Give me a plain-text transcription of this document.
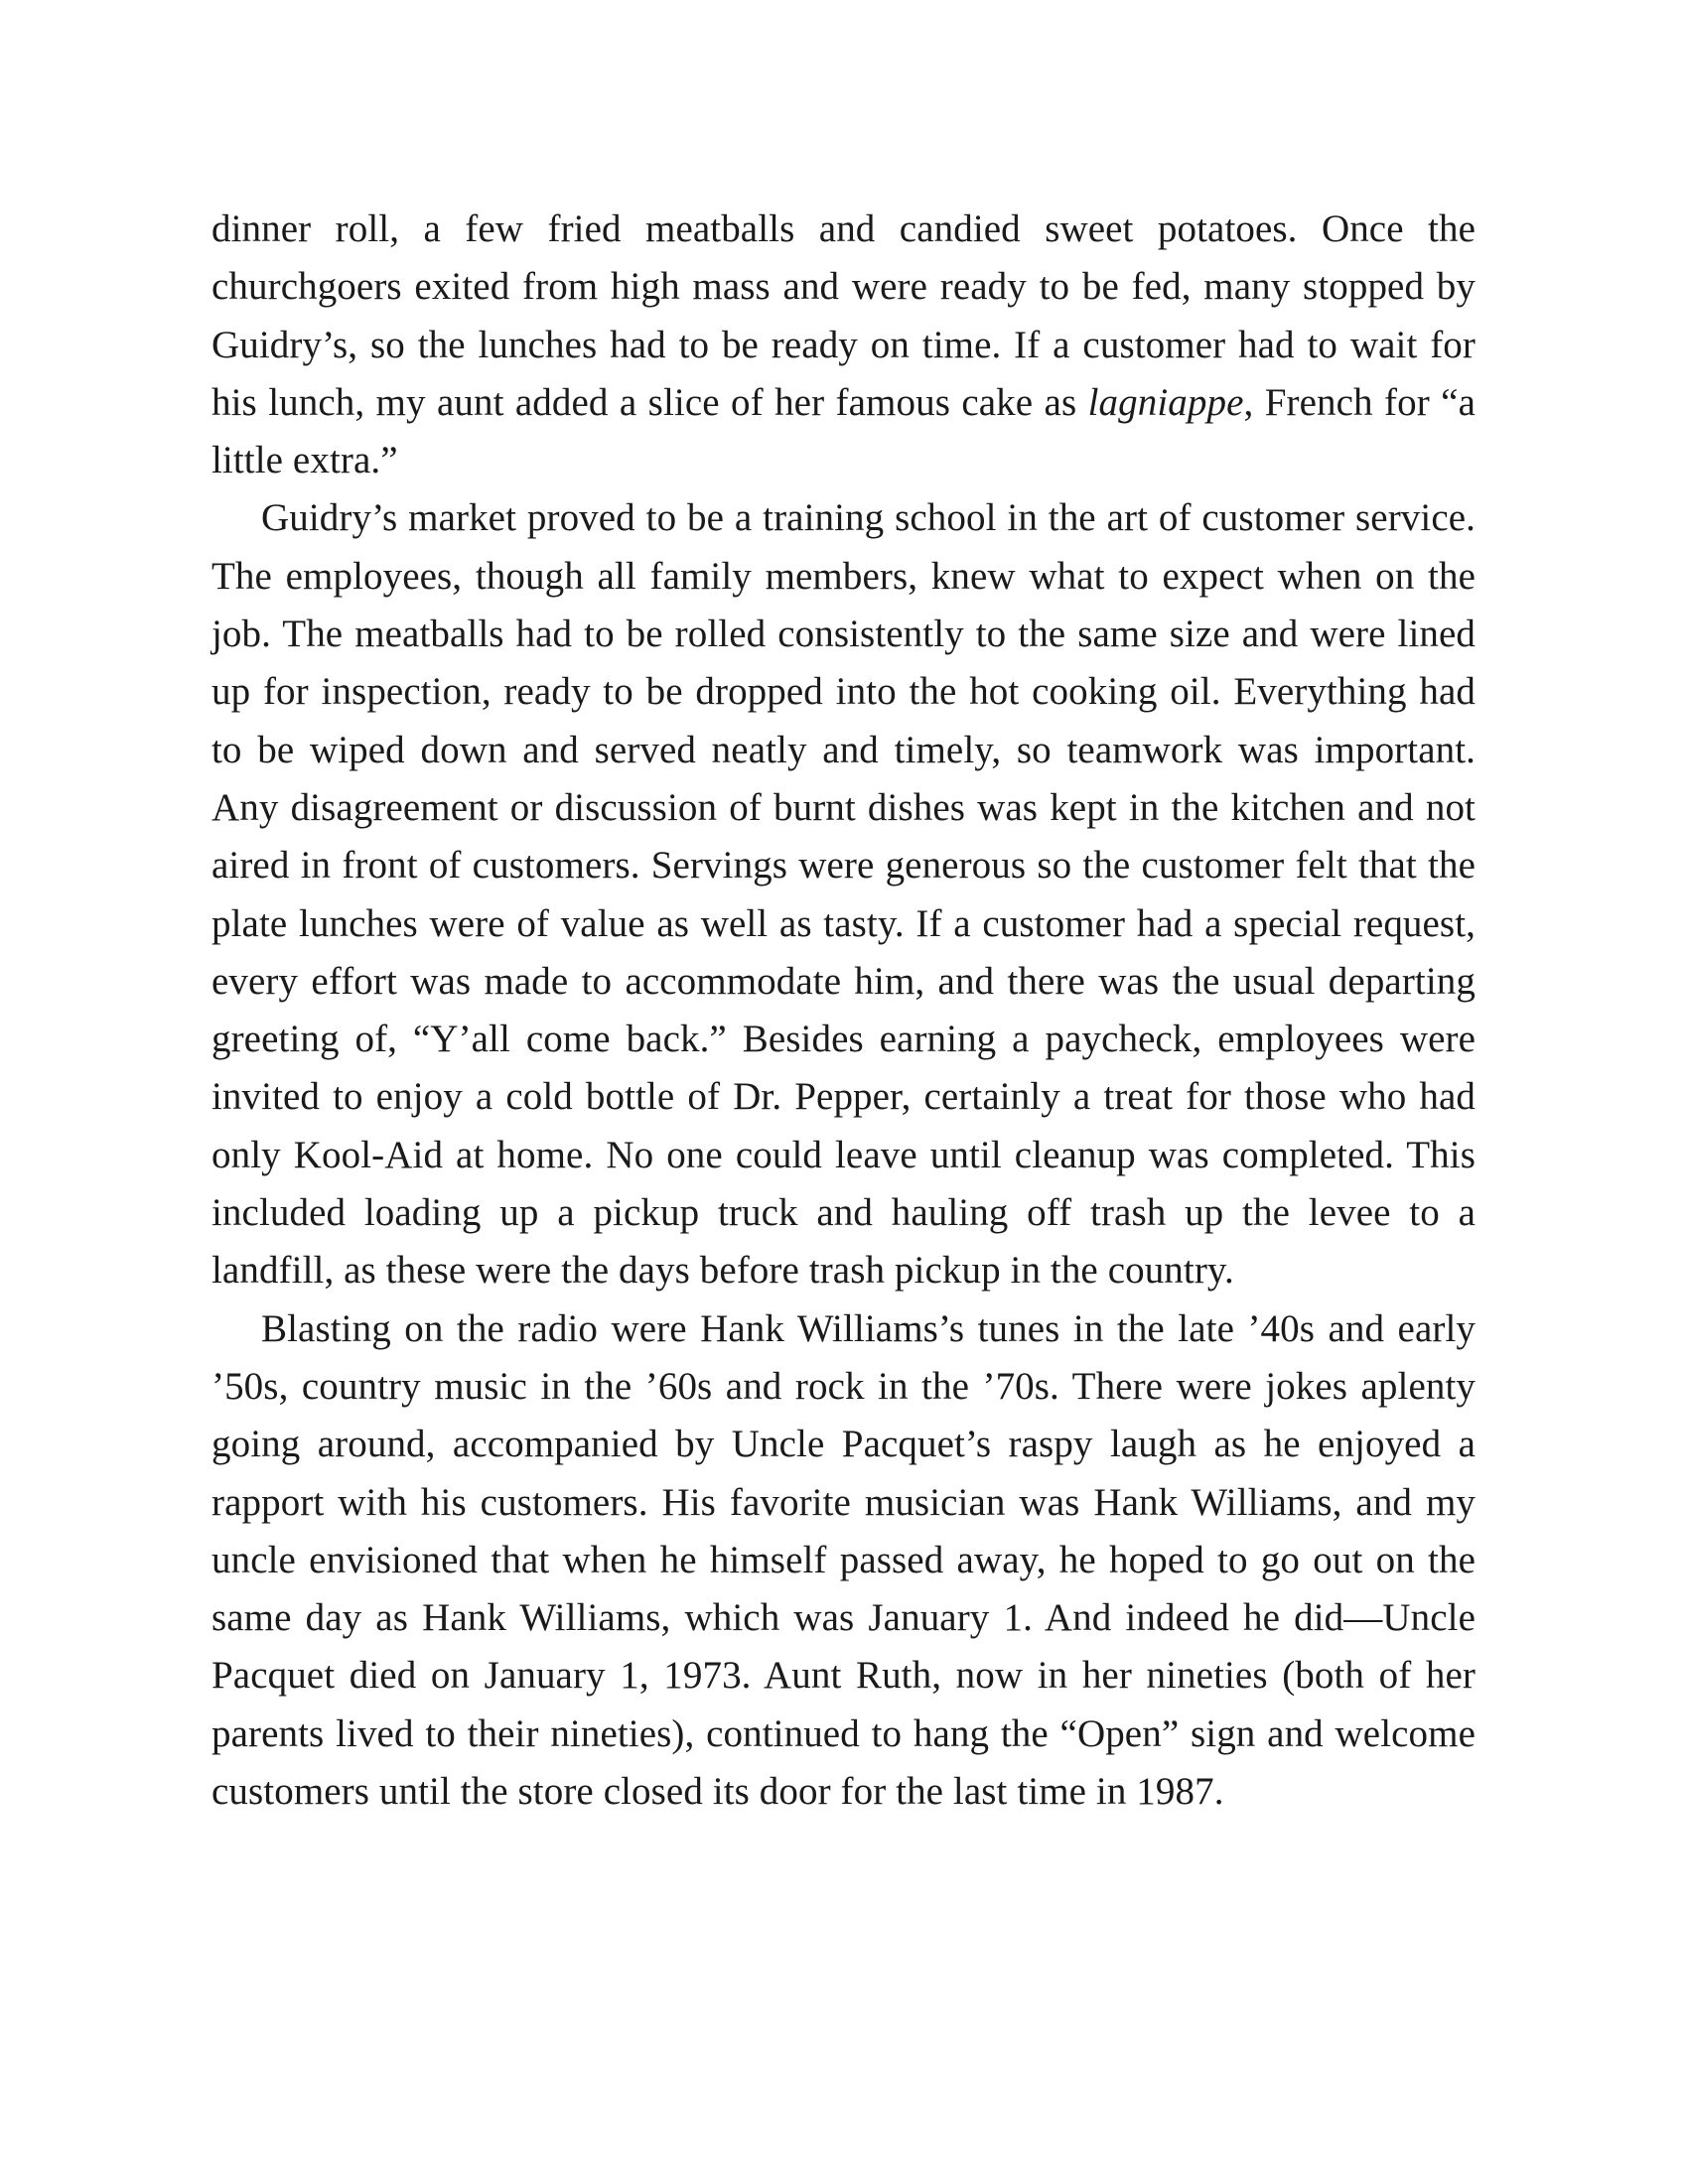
dinner roll, a few fried meatballs and candied sweet potatoes. Once the churchgoers exited from high mass and were ready to be fed, many stopped by Guidry’s, so the lunches had to be ready on time. If a customer had to wait for his lunch, my aunt added a slice of her famous cake as lagniappe, French for “a little extra.”

Guidry’s market proved to be a training school in the art of customer service. The employees, though all family members, knew what to expect when on the job. The meatballs had to be rolled consistently to the same size and were lined up for inspection, ready to be dropped into the hot cooking oil. Everything had to be wiped down and served neatly and timely, so teamwork was important. Any disagreement or discussion of burnt dishes was kept in the kitchen and not aired in front of customers. Servings were generous so the customer felt that the plate lunches were of value as well as tasty. If a customer had a special request, every effort was made to accommodate him, and there was the usual departing greeting of, “Y’all come back.” Besides earning a paycheck, employees were invited to enjoy a cold bottle of Dr. Pepper, certainly a treat for those who had only Kool-Aid at home. No one could leave until cleanup was completed. This included loading up a pickup truck and hauling off trash up the levee to a landfill, as these were the days before trash pickup in the country.

Blasting on the radio were Hank Williams’s tunes in the late ’40s and early ’50s, country music in the ’60s and rock in the ’70s. There were jokes aplenty going around, accompanied by Uncle Pacquet’s raspy laugh as he enjoyed a rapport with his customers. His favorite musician was Hank Williams, and my uncle envisioned that when he himself passed away, he hoped to go out on the same day as Hank Williams, which was January 1. And indeed he did—Uncle Pacquet died on January 1, 1973. Aunt Ruth, now in her nineties (both of her parents lived to their nineties), continued to hang the “Open” sign and welcome customers until the store closed its door for the last time in 1987.
